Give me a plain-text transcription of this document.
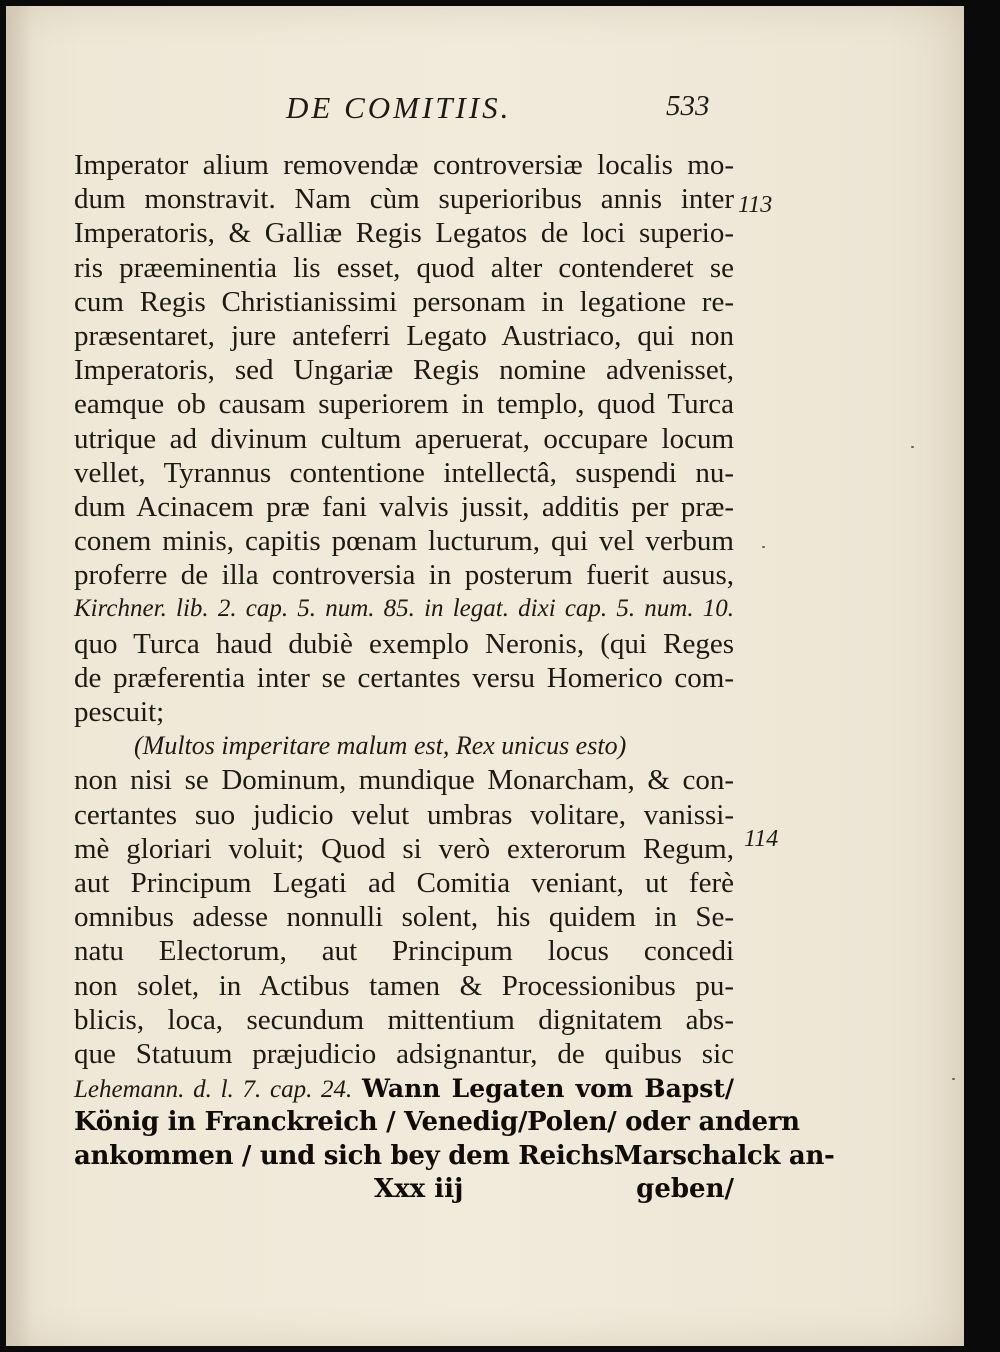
DE COMITIIS.	533
113
114
Imperator alium removendæ controversiæ localis mo-
dum monstravit. Nam cùm superioribus annis inter
Imperatoris, & Galliæ Regis Legatos de loci superio-
ris præeminentia lis esset, quod alter contenderet se
cum Regis Christianissimi personam in legatione re-
præsentaret, jure anteferri Legato Austriaco, qui non
Imperatoris, sed Ungariæ Regis nomine advenisset,
eamque ob causam superiorem in templo, quod Turca
utrique ad divinum cultum aperuerat, occupare locum
vellet, Tyrannus contentione intellectâ, suspendi nu-
dum Acinacem præ fani valvis jussit, additis per præ-
conem minis, capitis pœnam lucturum, qui vel verbum
proferre de illa controversia in posterum fuerit ausus,
Kirchner. lib. 2. cap. 5. num. 85. in legat. dixi cap. 5. num. 10.
quo Turca haud dubiè exemplo Neronis, (qui Reges
de præferentia inter se certantes versu Homerico com-
pescuit;
(Multos imperitare malum est, Rex unicus esto)
non nisi se Dominum, mundique Monarcham, & con-
certantes suo judicio velut umbras volitare, vanissi-
mè gloriari voluit; Quod si verò exterorum Regum,
aut Principum Legati ad Comitia veniant, ut ferè
omnibus adesse nonnulli solent, his quidem in Se-
natu Electorum, aut Principum locus concedi
non solet, in Actibus tamen & Processionibus pu-
blicis, loca, secundum mittentium dignitatem abs-
que Statuum præjudicio adsignantur, de quibus sic
Lehemann. d. l. 7. cap. 24. Wann Legaten vom Bapst/
König in Franckreich / Venedig/Polen/ oder andern
ankommen / und sich bey dem ReichsMarschalck an-
Xxx iij	geben/
